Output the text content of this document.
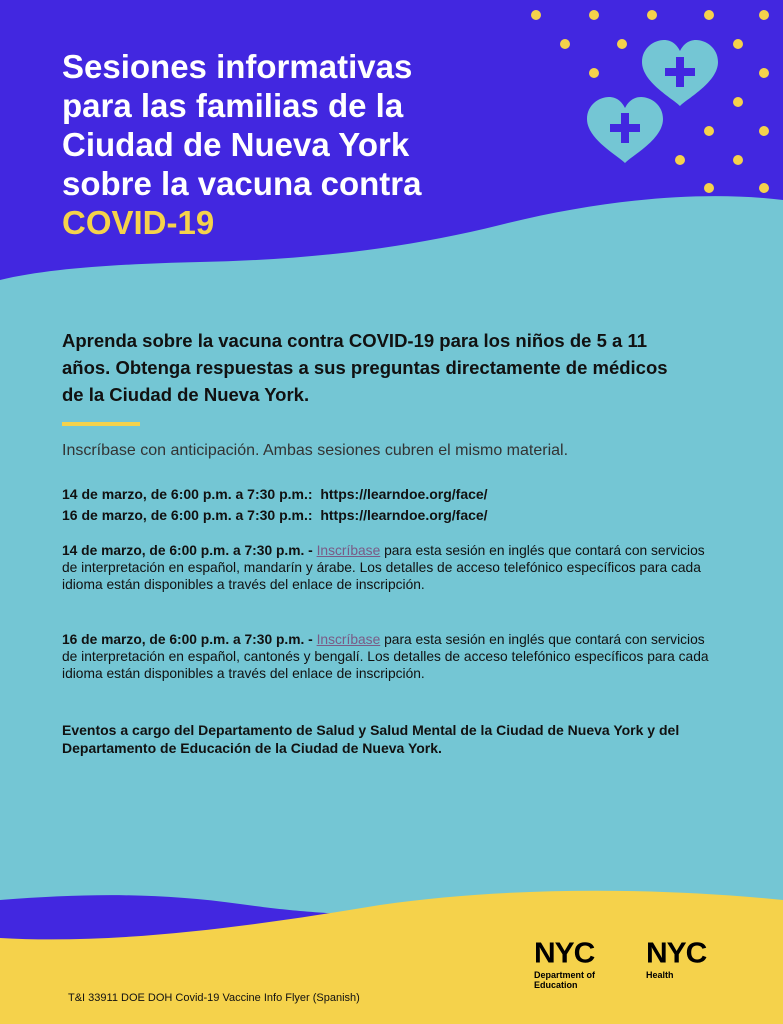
Sesiones informativas
para las familias de la
Ciudad de Nueva York
sobre la vacuna contra
COVID-19

Aprenda sobre la vacuna contra COVID-19 para los niños de 5 a 11 años. Obtenga respuestas a sus preguntas directamente de médicos de la Ciudad de Nueva York.

Inscríbase con anticipación. Ambas sesiones cubren el mismo material.

14 de marzo, de 6:00 p.m. a 7:30 p.m.:  https://learndoe.org/face/
16 de marzo, de 6:00 p.m. a 7:30 p.m.:  https://learndoe.org/face/

14 de marzo, de 6:00 p.m. a 7:30 p.m. - Inscríbase para esta sesión en inglés que contará con servicios de interpretación en español, mandarín y árabe. Los detalles de acceso telefónico específicos para cada idioma están disponibles a través del enlace de inscripción.

16 de marzo, de 6:00 p.m. a 7:30 p.m. - Inscríbase para esta sesión en inglés que contará con servicios de interpretación en español, cantonés y bengalí. Los detalles de acceso telefónico específicos para cada idioma están disponibles a través del enlace de inscripción.

Eventos a cargo del Departamento de Salud y Salud Mental de la Ciudad de Nueva York y del Departamento de Educación de la Ciudad de Nueva York.

NYC
Department of
Education
NYC
Health

T&I 33911 DOE DOH Covid-19 Vaccine Info Flyer (Spanish)
